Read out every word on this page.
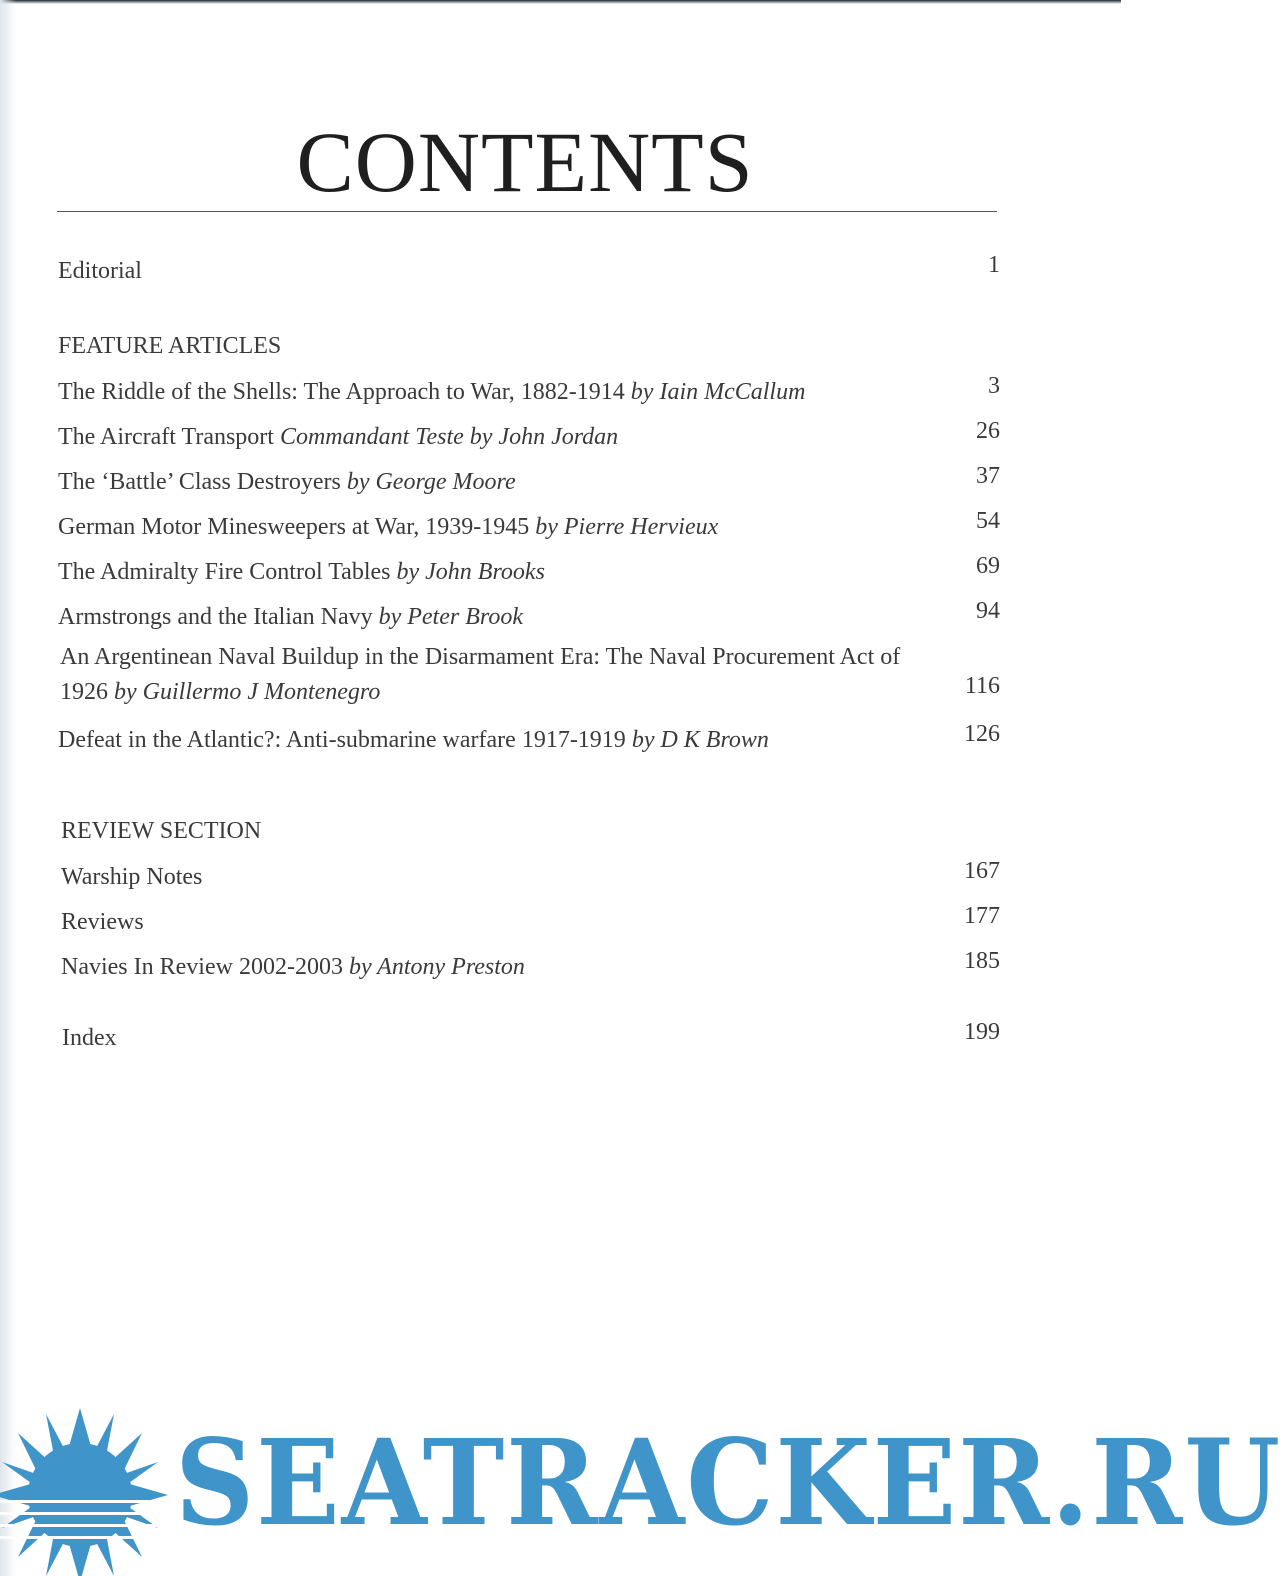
CONTENTS
Editorial	1
FEATURE ARTICLES
The Riddle of the Shells: The Approach to War, 1882-1914 by Iain McCallum	3
The Aircraft Transport Commandant Teste by John Jordan	26
The ‘Battle’ Class Destroyers by George Moore	37
German Motor Minesweepers at War, 1939-1945 by Pierre Hervieux	54
The Admiralty Fire Control Tables by John Brooks	69
Armstrongs and the Italian Navy by Peter Brook	94
An Argentinean Naval Buildup in the Disarmament Era: The Naval Procurement Act of
1926 by Guillermo J Montenegro	116
Defeat in the Atlantic?: Anti-submarine warfare 1917-1919 by D K Brown	126
REVIEW SECTION
Warship Notes	167
Reviews	177
Navies In Review 2002-2003 by Antony Preston	185
Index	199
SEATRACKER.RU
